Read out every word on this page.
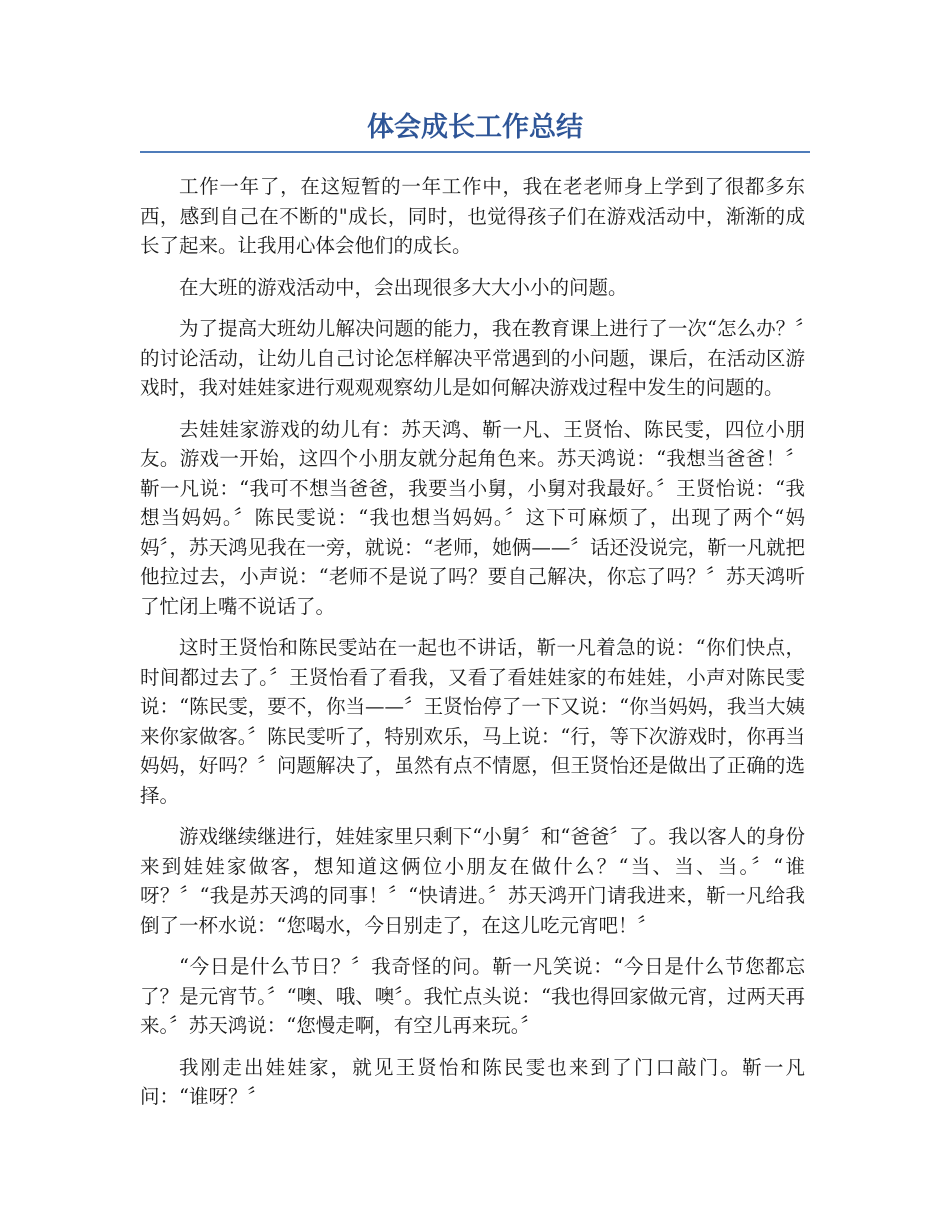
体会成长工作总结

工作一年了，在这短暂的一年工作中，我在老老师身上学到了很都多东西，感到自己在不断的"成长，同时，也觉得孩子们在游戏活动中，渐渐的成长了起来。让我用心体会他们的成长。

在大班的游戏活动中，会出现很多大大小小的问题。

为了提高大班幼儿解决问题的能力，我在教育课上进行了一次“怎么办？〞的讨论活动，让幼儿自己讨论怎样解决平常遇到的小问题，课后，在活动区游戏时，我对娃娃家进行观观观察幼儿是如何解决游戏过程中发生的问题的。

去娃娃家游戏的幼儿有：苏天鸿、靳一凡、王贤怡、陈民雯，四位小朋友。游戏一开始，这四个小朋友就分起角色来。苏天鸿说：“我想当爸爸！〞靳一凡说：“我可不想当爸爸，我要当小舅，小舅对我最好。〞王贤怡说：“我想当妈妈。〞陈民雯说：“我也想当妈妈。〞这下可麻烦了，出现了两个“妈妈〞，苏天鸿见我在一旁，就说：“老师，她俩——〞话还没说完，靳一凡就把他拉过去，小声说：“老师不是说了吗？要自己解决，你忘了吗？〞苏天鸿听了忙闭上嘴不说话了。

这时王贤怡和陈民雯站在一起也不讲话，靳一凡着急的说：“你们快点，时间都过去了。〞王贤怡看了看我，又看了看娃娃家的布娃娃，小声对陈民雯说：“陈民雯，要不，你当——〞王贤怡停了一下又说：“你当妈妈，我当大姨来你家做客。〞陈民雯听了，特别欢乐，马上说：“行，等下次游戏时，你再当妈妈，好吗？〞问题解决了，虽然有点不情愿，但王贤怡还是做出了正确的选择。

游戏继续继进行，娃娃家里只剩下“小舅〞和“爸爸〞了。我以客人的身份来到娃娃家做客，想知道这俩位小朋友在做什么？“当、当、当。〞“谁呀？〞“我是苏天鸿的同事！〞“快请进。〞苏天鸿开门请我进来，靳一凡给我倒了一杯水说：“您喝水，今日别走了，在这儿吃元宵吧！〞

“今日是什么节日？〞我奇怪的问。靳一凡笑说：“今日是什么节您都忘了？是元宵节。〞“噢、哦、噢〞。我忙点头说：“我也得回家做元宵，过两天再来。〞苏天鸿说：“您慢走啊，有空儿再来玩。〞

我刚走出娃娃家，就见王贤怡和陈民雯也来到了门口敲门。靳一凡问：“谁呀？〞
